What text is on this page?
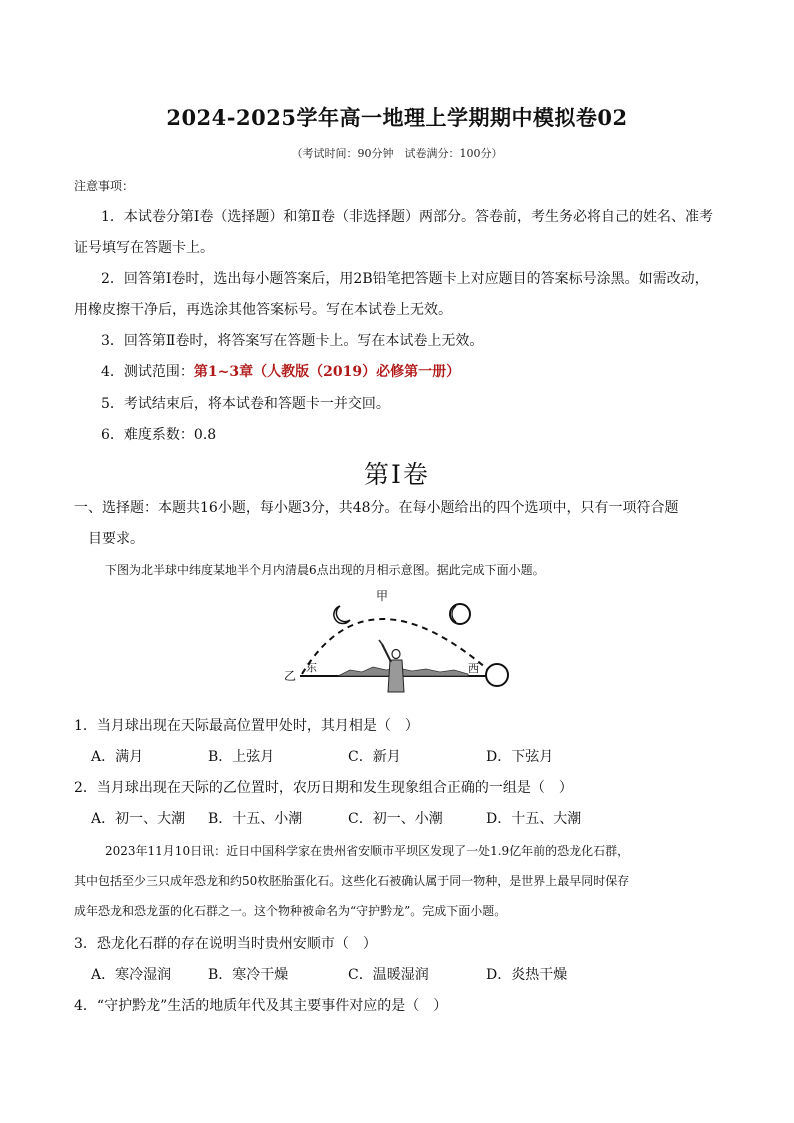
2024-2025学年高一地理上学期期中模拟卷02
（考试时间：90分钟　试卷满分：100分）
注意事项：
1．本试卷分第Ⅰ卷（选择题）和第Ⅱ卷（非选择题）两部分。答卷前，考生务必将自己的姓名、准考
证号填写在答题卡上。
2．回答第Ⅰ卷时，选出每小题答案后，用2B铅笔把答题卡上对应题目的答案标号涂黑。如需改动，
用橡皮擦干净后，再选涂其他答案标号。写在本试卷上无效。
3．回答第Ⅱ卷时，将答案写在答题卡上。写在本试卷上无效。
4．测试范围：第1~3章（人教版（2019）必修第一册）
5．考试结束后，将本试卷和答题卡一并交回。
6．难度系数：0.8
第Ⅰ卷
一、选择题：本题共16小题，每小题3分，共48分。在每小题给出的四个选项中，只有一项符合题
目要求。
下图为北半球中纬度某地半个月内清晨6点出现的月相示意图。据此完成下面小题。
甲
乙
东	西
1．当月球出现在天际最高位置甲处时，其月相是（　）
A．满月	B．上弦月	C．新月	D．下弦月
2．当月球出现在天际的乙位置时，农历日期和发生现象组合正确的一组是（　）
A．初一、大潮 B．十五、小潮	C．初一、小潮	D．十五、大潮
2023年11月10日讯：近日中国科学家在贵州省安顺市平坝区发现了一处1.9亿年前的恐龙化石群，
其中包括至少三只成年恐龙和约50枚胚胎蛋化石。这些化石被确认属于同一物种，是世界上最早同时保存
成年恐龙和恐龙蛋的化石群之一。这个物种被命名为“守护黔龙”。完成下面小题。
3．恐龙化石群的存在说明当时贵州安顺市（　）
A．寒冷湿润	B．寒冷干燥	C．温暖湿润	D．炎热干燥
4．“守护黔龙”生活的地质年代及其主要事件对应的是（　）
